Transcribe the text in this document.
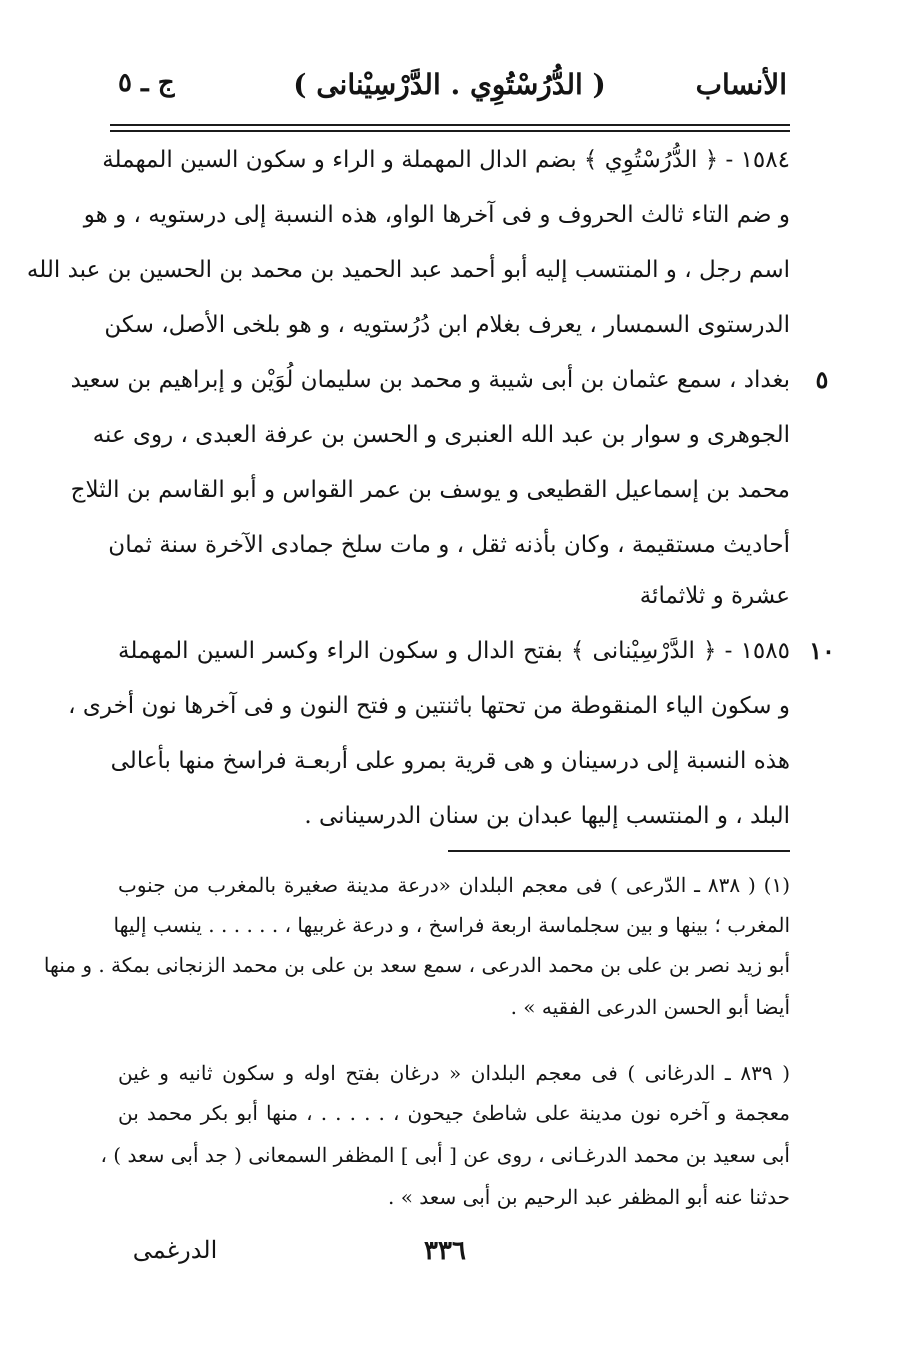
الأنساب
( الدُّرُسْتُوِي . الدَّرْسِيْنانی )
ج ـ ٥
١٥٨٤ - ﴿ الدُّرُسْتُوِي ﴾ بضم الدال المهملة و الراء و سكون السين المهملة
و ضم التاء ثالث الحروف و فى آخرها الواو، هذه النسبة إلى درستويه ، و هو
اسم رجل ، و المنتسب إليه أبو أحمد عبد الحميد بن محمد بن الحسين بن عبد الله
الدرستوى السمسار ، يعرف بغلام ابن دُرُستويه ، و هو بلخى الأصل، سكن
بغداد ، سمع عثمان بن أبى شيبة و محمد بن سليمان لُوَيْن و إبراهيم بن سعيد
الجوهرى و سوار بن عبد الله العنبرى و الحسن بن عرفة العبدى ، روى عنه
محمد بن إسماعيل القطيعى و يوسف بن عمر القواس و أبو القاسم بن الثلاج
أحاديث مستقيمة ، وكان بأذنه ثقل ، و مات سلخ جمادى الآخرة سنة ثمان
عشرة و ثلاثمائة
١٥٨٥ - ﴿ الدَّرْسِيْنانی ﴾ بفتح الدال و سكون الراء وكسر السين المهملة
و سكون الياء المنقوطة من تحتها باثنتين و فتح النون و فى آخرها نون أخرى ،
هذه النسبة إلى درسينان و هى قرية بمرو على أربعـة فراسخ منها بأعالى
البلد ، و المنتسب إليها عبدان بن سنان الدرسينانى .
٥
١٠
(١) ( ٨٣٨ ـ الدّرعى ) فى معجم البلدان «درعة مدينة صغيرة بالمغرب من جنوب
المغرب ؛ بينها و بين سجلماسة اربعة فراسخ ، و درعة غربيها ، . . . . . . ينسب إليها
أبو زيد نصر بن على بن محمد الدرعى ، سمع سعد بن على بن محمد الزنجانى بمكة . و منها
أيضا أبو الحسن الدرعى الفقيه » .
( ٨٣٩ ـ الدرغانى ) فى معجم البلدان « درغان بفتح اوله و سكون ثانيه و غين
معجمة و آخره نون مدينة على شاطئ جيحون ، . . . . . ، منها أبو بكر محمد بن
أبى سعيد بن محمد الدرغـانى ، روى عن [ أبى ] المظفر السمعانى ( جد أبى سعد ) ،
حدثنا عنه أبو المظفر عبد الرحيم بن أبى سعد » .
٣٣٦
الدرغمى
